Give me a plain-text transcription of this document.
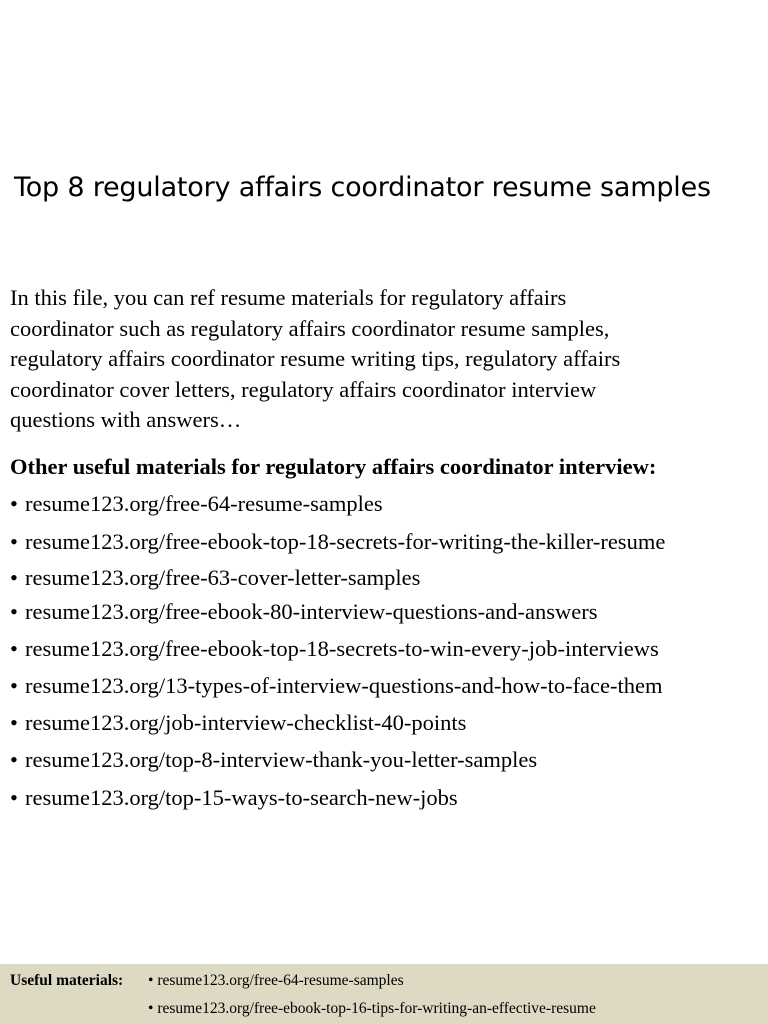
Top 8 regulatory affairs coordinator resume samples
In this file, you can ref resume materials for regulatory affairs
coordinator such as regulatory affairs coordinator resume samples,
regulatory affairs coordinator resume writing tips, regulatory affairs
coordinator cover letters, regulatory affairs coordinator interview
questions with answers…
Other useful materials for regulatory affairs coordinator interview:
• resume123.org/free-64-resume-samples
• resume123.org/free-ebook-top-18-secrets-for-writing-the-killer-resume
• resume123.org/free-63-cover-letter-samples
• resume123.org/free-ebook-80-interview-questions-and-answers
• resume123.org/free-ebook-top-18-secrets-to-win-every-job-interviews
• resume123.org/13-types-of-interview-questions-and-how-to-face-them
• resume123.org/job-interview-checklist-40-points
• resume123.org/top-8-interview-thank-you-letter-samples
• resume123.org/top-15-ways-to-search-new-jobs
Useful materials: • resume123.org/free-64-resume-samples
• resume123.org/free-ebook-top-16-tips-for-writing-an-effective-resume
